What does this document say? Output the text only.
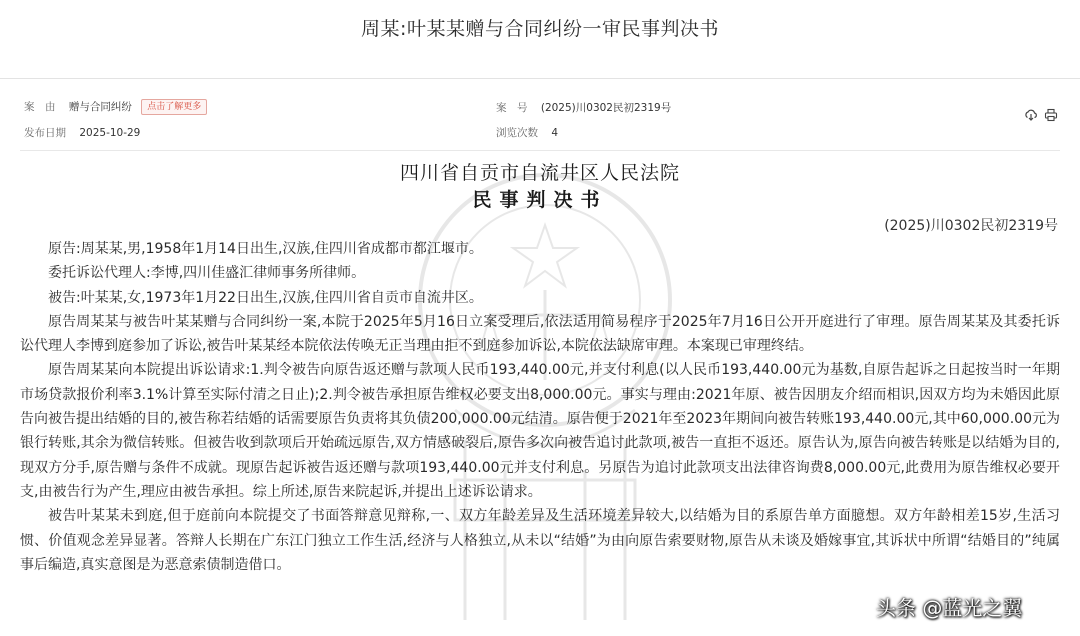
周某:叶某某赠与合同纠纷一审民事判决书
案　由 赠与合同纠纷 点击了解更多	案　号 (2025)川0302民初2319号
发布日期 2025-10-29	浏览次数 4
四川省自贡市自流井区人民法院
民事判决书
(2025)川0302民初2319号

原告:周某某,男,1958年1月14日出生,汉族,住四川省成都市都江堰市。

委托诉讼代理人:李博,四川佳盛汇律师事务所律师。

被告:叶某某,女,1973年1月22日出生,汉族,住四川省自贡市自流井区。

原告周某某与被告叶某某赠与合同纠纷一案,本院于2025年5月16日立案受理后,依法适用简易程序于2025年7月16日公开开庭进行了审理。原告周某某及其委托诉讼代理人李博到庭参加了诉讼,被告叶某某经本院依法传唤无正当理由拒不到庭参加诉讼,本院依法缺席审理。本案现已审理终结。

原告周某某向本院提出诉讼请求:1.判令被告向原告返还赠与款项人民币193,440.00元,并支付利息(以人民币193,440.00元为基数,自原告起诉之日起按当时一年期市场贷款报价利率3.1%计算至实际付清之日止);2.判令被告承担原告维权必要支出8,000.00元。事实与理由:2021年原、被告因朋友介绍而相识,因双方均为未婚因此原告向被告提出结婚的目的,被告称若结婚的话需要原告负责将其负债200,000.00元结清。原告便于2021年至2023年期间向被告转账193,440.00元,其中60,000.00元为银行转账,其余为微信转账。但被告收到款项后开始疏远原告,双方情感破裂后,原告多次向被告追讨此款项,被告一直拒不返还。原告认为,原告向被告转账是以结婚为目的,现双方分手,原告赠与条件不成就。现原告起诉被告返还赠与款项193,440.00元并支付利息。另原告为追讨此款项支出法律咨询费8,000.00元,此费用为原告维权必要开支,由被告行为产生,理应由被告承担。综上所述,原告来院起诉,并提出上述诉讼请求。

被告叶某某未到庭,但于庭前向本院提交了书面答辩意见辩称,一、双方年龄差异及生活环境差异较大,以结婚为目的系原告单方面臆想。双方年龄相差15岁,生活习惯、价值观念差异显著。答辩人长期在广东江门独立工作生活,经济与人格独立,从未以“结婚”为由向原告索要财物,原告从未谈及婚嫁事宜,其诉状中所谓“结婚目的”纯属事后编造,真实意图是为恶意索债制造借口。

头条 @蓝光之翼
